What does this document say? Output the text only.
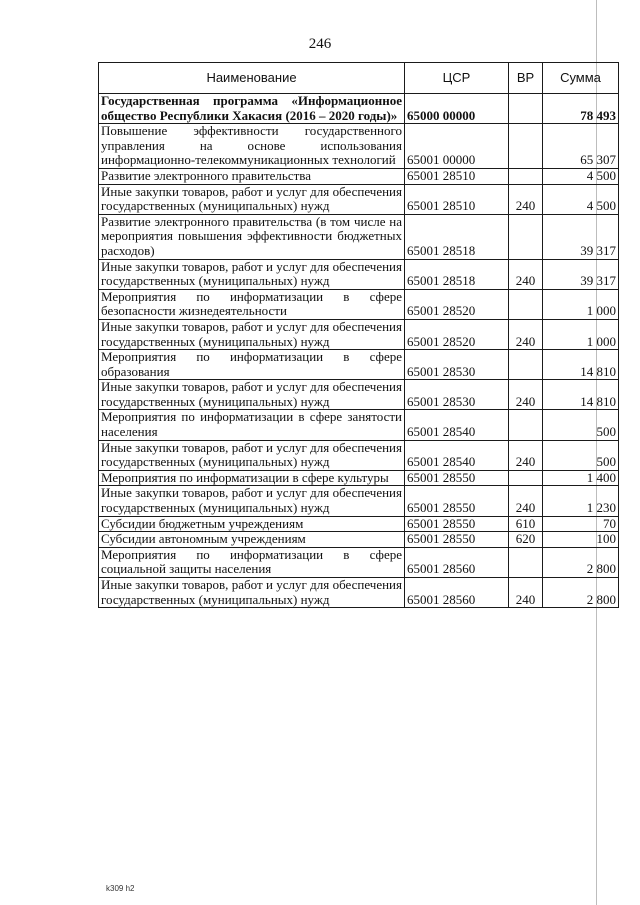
246
Наименование	ЦСР	ВР	Сумма
Государственная программа «Информационное общество Республики Хакасия (2016 – 2020 годы)»	65000 00000		78 493
Повышение эффективности государственного управления на основе использования информационно-телекоммуникационных технологий	65001 00000		65 307
Развитие электронного правительства	65001 28510		4 500
Иные закупки товаров, работ и услуг для обеспечения государственных (муниципальных) нужд	65001 28510	240	4 500
Развитие электронного правительства (в том числе на мероприятия повышения эффективности бюджетных расходов)	65001 28518		39 317
Иные закупки товаров, работ и услуг для обеспечения государственных (муниципальных) нужд	65001 28518	240	39 317
Мероприятия по информатизации в сфере безопасности жизнедеятельности	65001 28520		1 000
Иные закупки товаров, работ и услуг для обеспечения государственных (муниципальных) нужд	65001 28520	240	1 000
Мероприятия по информатизации в сфере образования	65001 28530		14 810
Иные закупки товаров, работ и услуг для обеспечения государственных (муниципальных) нужд	65001 28530	240	14 810
Мероприятия по информатизации в сфере занятости населения	65001 28540		500
Иные закупки товаров, работ и услуг для обеспечения государственных (муниципальных) нужд	65001 28540	240	500
Мероприятия по информатизации в сфере культуры	65001 28550		1 400
Иные закупки товаров, работ и услуг для обеспечения государственных (муниципальных) нужд	65001 28550	240	1 230
Субсидии бюджетным учреждениям	65001 28550	610	70
Субсидии автономным учреждениям	65001 28550	620	100
Мероприятия по информатизации в сфере социальной защиты населения	65001 28560		2 800
Иные закупки товаров, работ и услуг для обеспечения государственных (муниципальных) нужд	65001 28560	240	2 800
k309 h2
